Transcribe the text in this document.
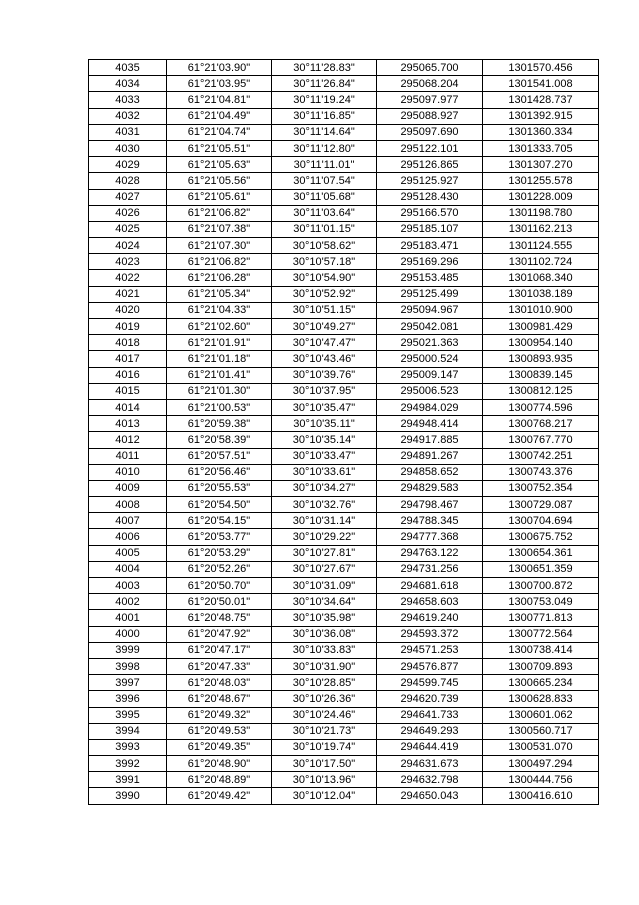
4035	61°21'03.90"	30°11'28.83"	295065.700	1301570.456
4034	61°21'03.95"	30°11'26.84"	295068.204	1301541.008
4033	61°21'04.81"	30°11'19.24"	295097.977	1301428.737
4032	61°21'04.49"	30°11'16.85"	295088.927	1301392.915
4031	61°21'04.74"	30°11'14.64"	295097.690	1301360.334
4030	61°21'05.51"	30°11'12.80"	295122.101	1301333.705
4029	61°21'05.63"	30°11'11.01"	295126.865	1301307.270
4028	61°21'05.56"	30°11'07.54"	295125.927	1301255.578
4027	61°21'05.61"	30°11'05.68"	295128.430	1301228.009
4026	61°21'06.82"	30°11'03.64"	295166.570	1301198.780
4025	61°21'07.38"	30°11'01.15"	295185.107	1301162.213
4024	61°21'07.30"	30°10'58.62"	295183.471	1301124.555
4023	61°21'06.82"	30°10'57.18"	295169.296	1301102.724
4022	61°21'06.28"	30°10'54.90"	295153.485	1301068.340
4021	61°21'05.34"	30°10'52.92"	295125.499	1301038.189
4020	61°21'04.33"	30°10'51.15"	295094.967	1301010.900
4019	61°21'02.60"	30°10'49.27"	295042.081	1300981.429
4018	61°21'01.91"	30°10'47.47"	295021.363	1300954.140
4017	61°21'01.18"	30°10'43.46"	295000.524	1300893.935
4016	61°21'01.41"	30°10'39.76"	295009.147	1300839.145
4015	61°21'01.30"	30°10'37.95"	295006.523	1300812.125
4014	61°21'00.53"	30°10'35.47"	294984.029	1300774.596
4013	61°20'59.38"	30°10'35.11"	294948.414	1300768.217
4012	61°20'58.39"	30°10'35.14"	294917.885	1300767.770
4011	61°20'57.51"	30°10'33.47"	294891.267	1300742.251
4010	61°20'56.46"	30°10'33.61"	294858.652	1300743.376
4009	61°20'55.53"	30°10'34.27"	294829.583	1300752.354
4008	61°20'54.50"	30°10'32.76"	294798.467	1300729.087
4007	61°20'54.15"	30°10'31.14"	294788.345	1300704.694
4006	61°20'53.77"	30°10'29.22"	294777.368	1300675.752
4005	61°20'53.29"	30°10'27.81"	294763.122	1300654.361
4004	61°20'52.26"	30°10'27.67"	294731.256	1300651.359
4003	61°20'50.70"	30°10'31.09"	294681.618	1300700.872
4002	61°20'50.01"	30°10'34.64"	294658.603	1300753.049
4001	61°20'48.75"	30°10'35.98"	294619.240	1300771.813
4000	61°20'47.92"	30°10'36.08"	294593.372	1300772.564
3999	61°20'47.17"	30°10'33.83"	294571.253	1300738.414
3998	61°20'47.33"	30°10'31.90"	294576.877	1300709.893
3997	61°20'48.03"	30°10'28.85"	294599.745	1300665.234
3996	61°20'48.67"	30°10'26.36"	294620.739	1300628.833
3995	61°20'49.32"	30°10'24.46"	294641.733	1300601.062
3994	61°20'49.53"	30°10'21.73"	294649.293	1300560.717
3993	61°20'49.35"	30°10'19.74"	294644.419	1300531.070
3992	61°20'48.90"	30°10'17.50"	294631.673	1300497.294
3991	61°20'48.89"	30°10'13.96"	294632.798	1300444.756
3990	61°20'49.42"	30°10'12.04"	294650.043	1300416.610
